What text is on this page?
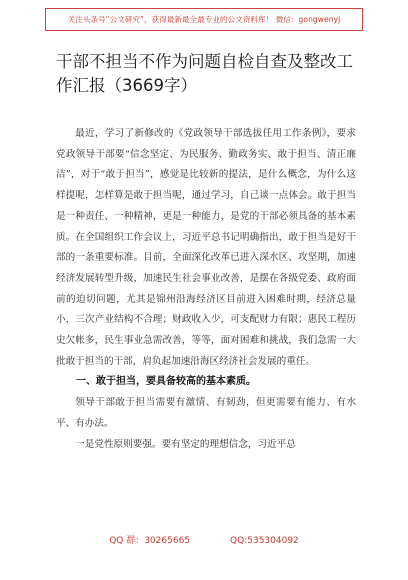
关注头条号“公文研究”，获得最新最全最专业的公文资料库！ 微信：gongwenyj
干部不担当不作为问题自检自查及整改工作汇报（3669字）

最近，学习了新修改的《党政领导干部选拔任用工作条例》，要求党政领导干部要“信念坚定、为民服务、勤政务实、敢于担当、清正廉洁”，对于“敢于担当”，感觉是比较新的提法，是什么概念，为什么这样提呢，怎样算是敢于担当呢，通过学习，自己谈一点体会。敢于担当是一种责任、一种精神，更是一种能力，是党的干部必须具备的基本素质。在全国组织工作会议上，习近平总书记明确指出，敢于担当是好干部的一条重要标准。目前，全面深化改革已进入深水区、攻坚期，加速经济发展转型升级，加速民生社会事业改善，是摆在各级党委、政府面前的迫切问题，尤其是锦州沿海经济区目前进入困难时期，经济总量小，三次产业结构不合理；财政收入少，可支配财力有限；惠民工程历史欠帐多，民生事业急需改善，等等，面对困难和挑战，我们急需一大批敢于担当的干部，肩负起加速沿海区经济社会发展的重任。

一、敢于担当，要具备较高的基本素质。

领导干部敢于担当需要有激情、有韧劲，但更需要有能力、有水平、有办法。

一是党性原则要强。要有坚定的理想信念，习近平总

QQ 群：30265665	QQ:535304092
